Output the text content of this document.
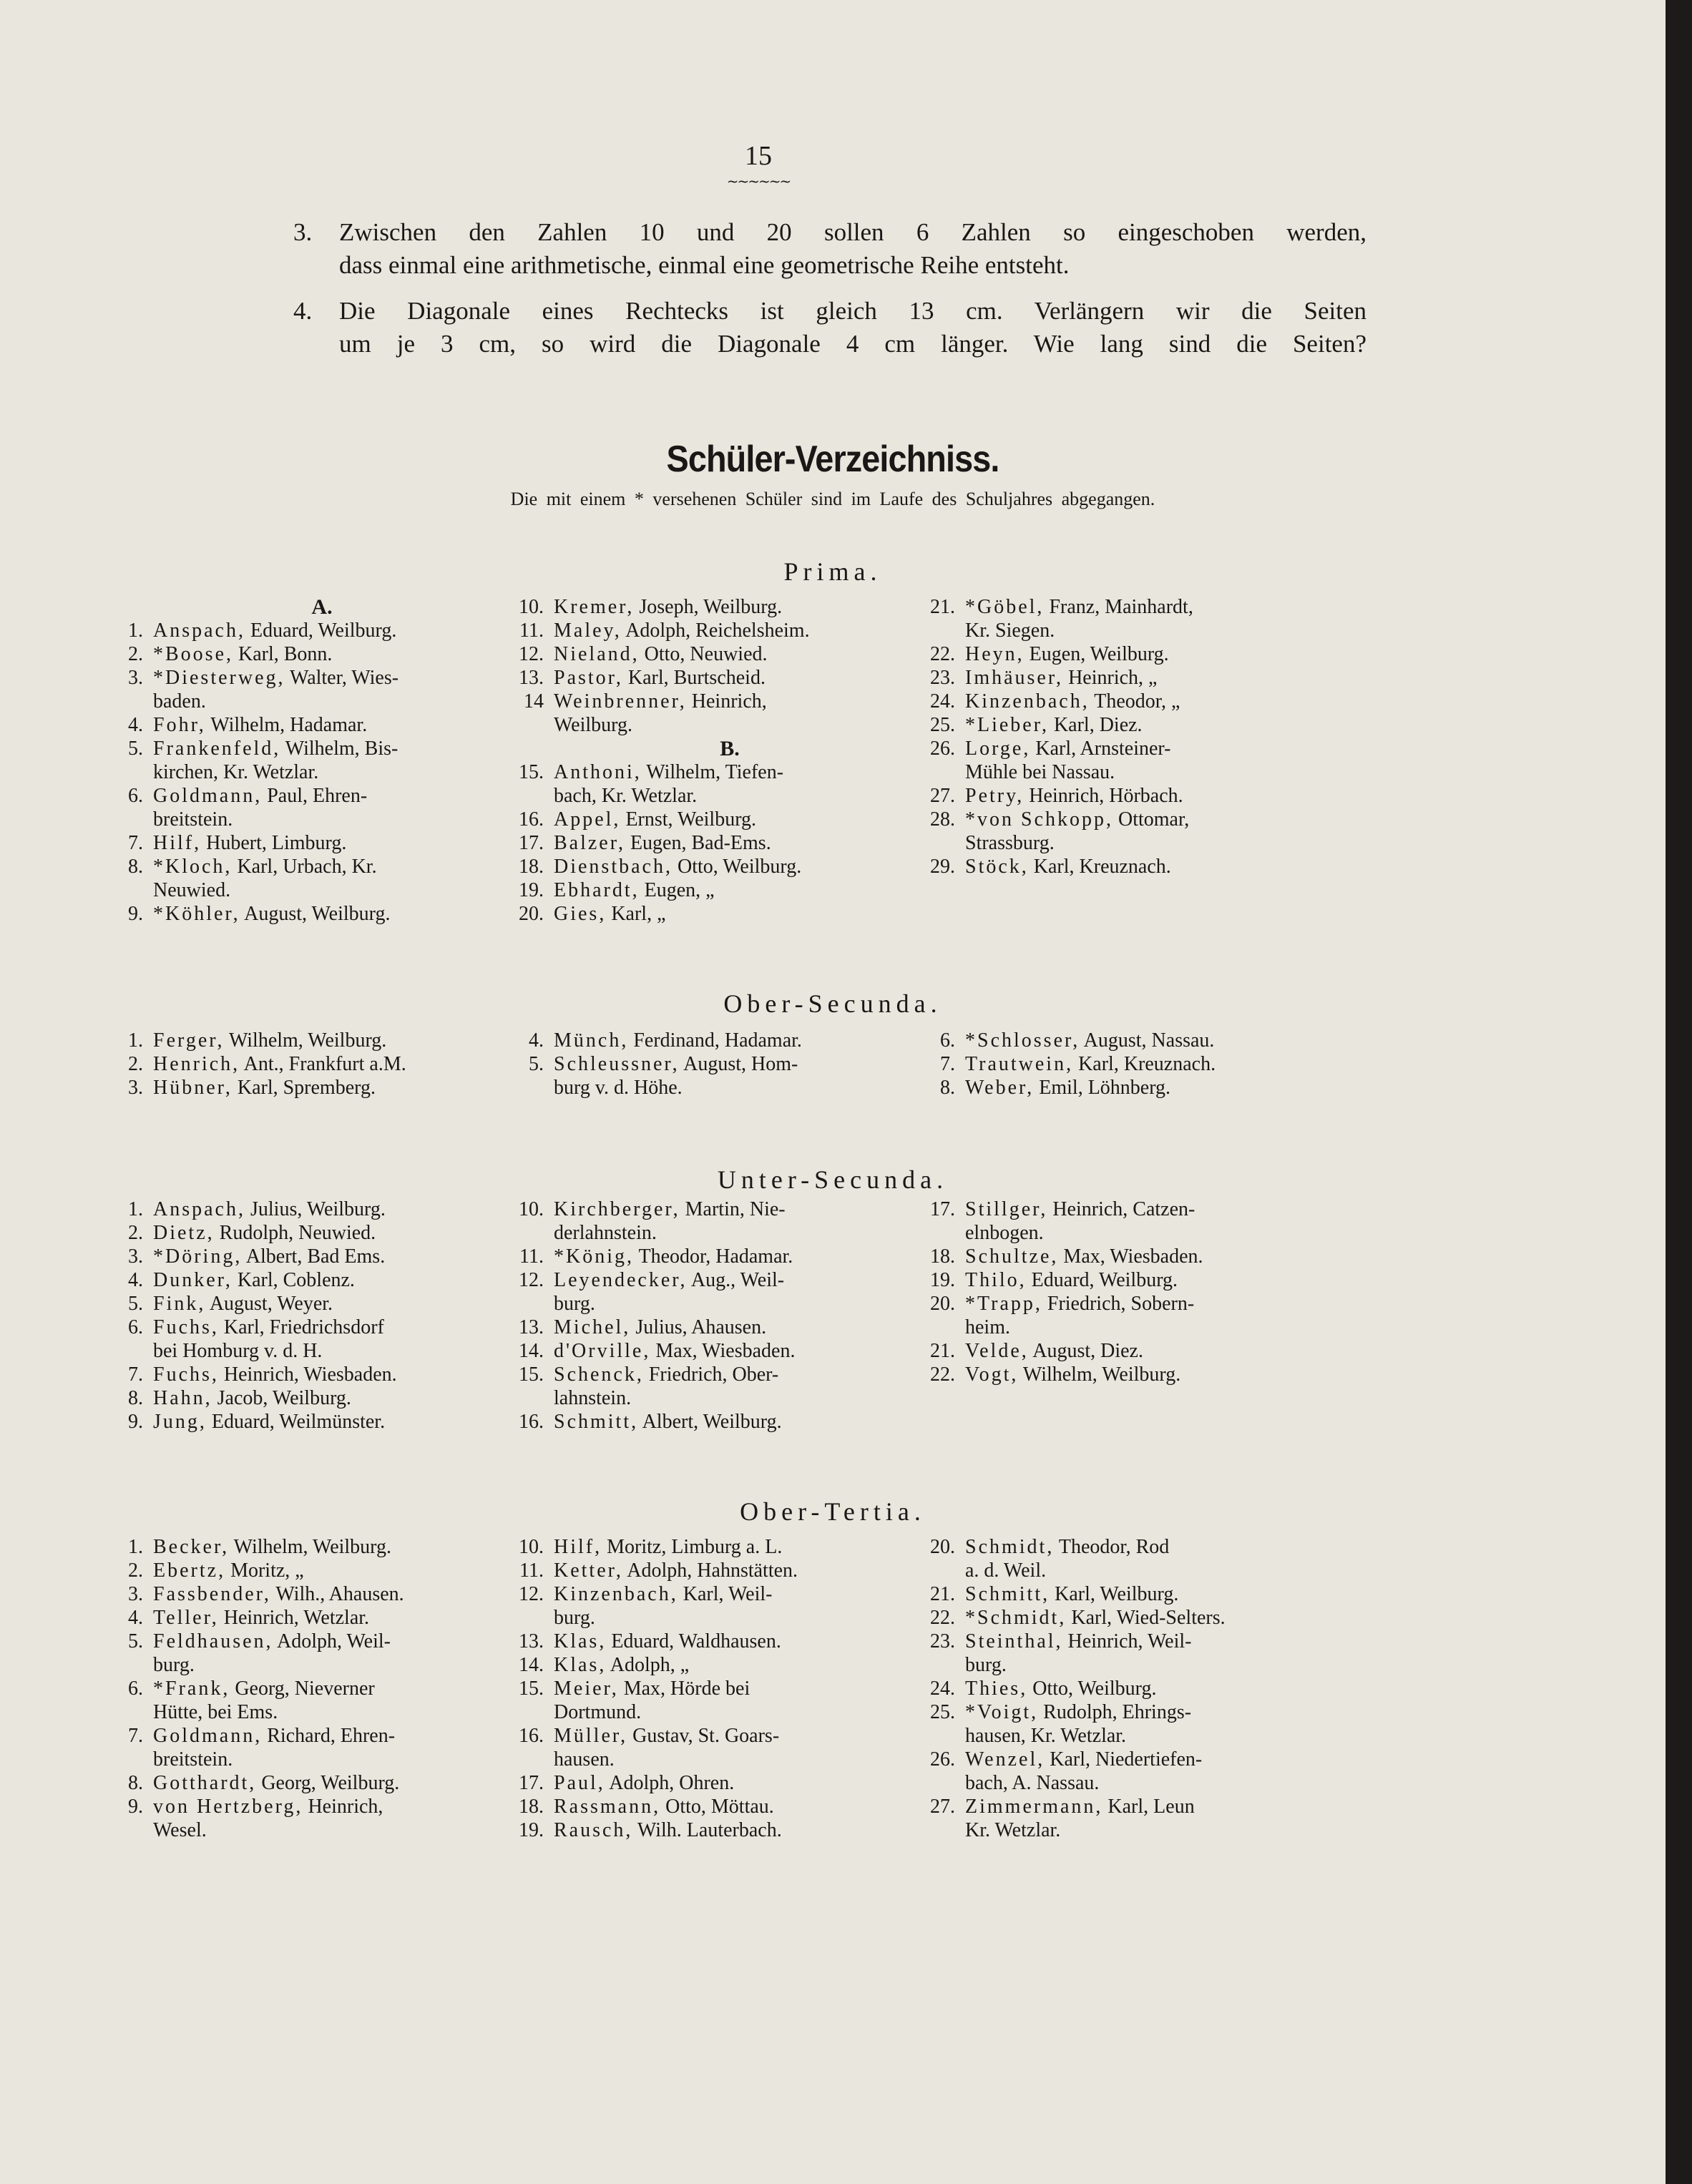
15
~~~~~~
3. Zwischen den Zahlen 10 und 20 sollen 6 Zahlen so eingeschoben werden,
dass einmal eine arithmetische, einmal eine geometrische Reihe entsteht.
4. Die Diagonale eines Rechtecks ist gleich 13 cm. Verlängern wir die Seiten
um je 3 cm, so wird die Diagonale 4 cm länger. Wie lang sind die Seiten?
Schüler-Verzeichniss.
Die mit einem * versehenen Schüler sind im Laufe des Schuljahres abgegangen.
Prima.
A.
1. Anspach, Eduard, Weilburg.
2. *Boose, Karl, Bonn.
3. *Diesterweg, Walter, Wies-
baden.
4. Fohr, Wilhelm, Hadamar.
5. Frankenfeld, Wilhelm, Bis-
kirchen, Kr. Wetzlar.
6. Goldmann, Paul, Ehren-
breitstein.
7. Hilf, Hubert, Limburg.
8. *Kloch, Karl, Urbach, Kr.
Neuwied.
9. *Köhler, August, Weilburg.
10. Kremer, Joseph, Weilburg.
11. Maley, Adolph, Reichelsheim.
12. Nieland, Otto, Neuwied.
13. Pastor, Karl, Burtscheid.
14 Weinbrenner, Heinrich,
Weilburg.
B.
15. Anthoni, Wilhelm, Tiefen-
bach, Kr. Wetzlar.
16. Appel, Ernst, Weilburg.
17. Balzer, Eugen, Bad-Ems.
18. Dienstbach, Otto, Weilburg.
19. Ebhardt, Eugen, „
20. Gies, Karl, „
21. *Göbel, Franz, Mainhardt,
Kr. Siegen.
22. Heyn, Eugen, Weilburg.
23. Imhäuser, Heinrich, „
24. Kinzenbach, Theodor, „
25. *Lieber, Karl, Diez.
26. Lorge, Karl, Arnsteiner-
Mühle bei Nassau.
27. Petry, Heinrich, Hörbach.
28. *von Schkopp, Ottomar,
Strassburg.
29. Stöck, Karl, Kreuznach.
Ober-Secunda.
1. Ferger, Wilhelm, Weilburg.
2. Henrich, Ant., Frankfurt a.M.
3. Hübner, Karl, Spremberg.
4. Münch, Ferdinand, Hadamar.
5. Schleussner, August, Hom-
burg v. d. Höhe.
6. *Schlosser, August, Nassau.
7. Trautwein, Karl, Kreuznach.
8. Weber, Emil, Löhnberg.
Unter-Secunda.
1. Anspach, Julius, Weilburg.
2. Dietz, Rudolph, Neuwied.
3. *Döring, Albert, Bad Ems.
4. Dunker, Karl, Coblenz.
5. Fink, August, Weyer.
6. Fuchs, Karl, Friedrichsdorf
bei Homburg v. d. H.
7. Fuchs, Heinrich, Wiesbaden.
8. Hahn, Jacob, Weilburg.
9. Jung, Eduard, Weilmünster.
10. Kirchberger, Martin, Nie-
derlahnstein.
11. *König, Theodor, Hadamar.
12. Leyendecker, Aug., Weil-
burg.
13. Michel, Julius, Ahausen.
14. d'Orville, Max, Wiesbaden.
15. Schenck, Friedrich, Ober-
lahnstein.
16. Schmitt, Albert, Weilburg.
17. Stillger, Heinrich, Catzen-
elnbogen.
18. Schultze, Max, Wiesbaden.
19. Thilo, Eduard, Weilburg.
20. *Trapp, Friedrich, Sobern-
heim.
21. Velde, August, Diez.
22. Vogt, Wilhelm, Weilburg.
Ober-Tertia.
1. Becker, Wilhelm, Weilburg.
2. Ebertz, Moritz, „
3. Fassbender, Wilh., Ahausen.
4. Teller, Heinrich, Wetzlar.
5. Feldhausen, Adolph, Weil-
burg.
6. *Frank, Georg, Nieverner
Hütte, bei Ems.
7. Goldmann, Richard, Ehren-
breitstein.
8. Gotthardt, Georg, Weilburg.
9. von Hertzberg, Heinrich,
Wesel.
10. Hilf, Moritz, Limburg a. L.
11. Ketter, Adolph, Hahnstätten.
12. Kinzenbach, Karl, Weil-
burg.
13. Klas, Eduard, Waldhausen.
14. Klas, Adolph, „
15. Meier, Max, Hörde bei
Dortmund.
16. Müller, Gustav, St. Goars-
hausen.
17. Paul, Adolph, Ohren.
18. Rassmann, Otto, Möttau.
19. Rausch, Wilh. Lauterbach.
20. Schmidt, Theodor, Rod
a. d. Weil.
21. Schmitt, Karl, Weilburg.
22. *Schmidt, Karl, Wied-Selters.
23. Steinthal, Heinrich, Weil-
burg.
24. Thies, Otto, Weilburg.
25. *Voigt, Rudolph, Ehrings-
hausen, Kr. Wetzlar.
26. Wenzel, Karl, Niedertiefen-
bach, A. Nassau.
27. Zimmermann, Karl, Leun
Kr. Wetzlar.
